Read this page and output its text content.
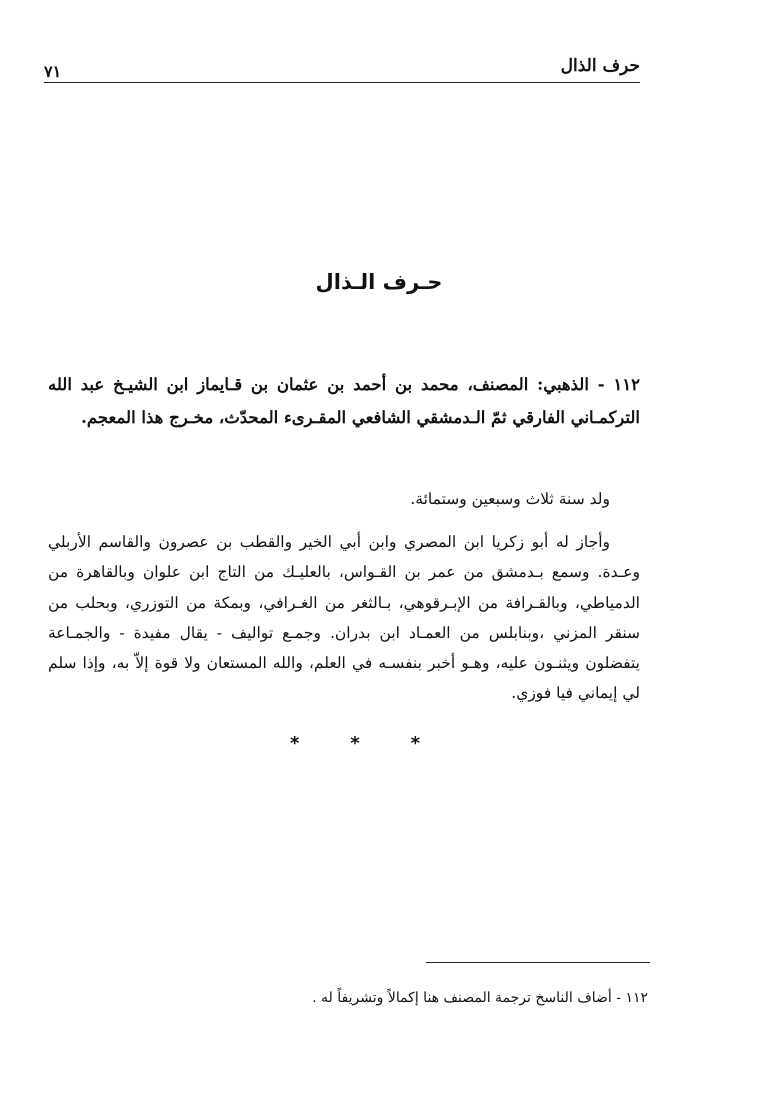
حرف الذال
٧١
حـرف الـذال

١١٢ - الذهبي: المصنف، محمد بن أحمد بن عثمان بن قـايماز ابن الشيـخ عبد الله التركمـاني الفارقي ثمّ الـدمشقي الشافعي المقـرىء المحدّث، مخـرج هذا المعجم.

ولد سنة ثلاث وسبعين وستمائة.

وأجاز له أبو زكريا ابن المصري وابن أبي الخير والقطب بن عصرون والقاسم الأربلي وعـدة. وسمع بـدمشق من عمر بن القـواس، بالعليـك من التاج ابن علوان وبالقاهرة من الدمياطي، وبالقـرافة من الإبـرقوهي، بـالثغر من الغـرافي، وبمكة من التوزري، وبحلب من سنقر المزني ،وبنابلس من العمـاد ابن بدران. وجمـع تواليف - يقال مفيدة - والجمـاعة يتفضلون ويثنـون عليه، وهـو أخبر بنفسـه في العلم، والله المستعان ولا قوة إلاّ به، وإذا سلم لي إيماني فيا فوزي.

*
*
*
١١٢ - أضاف الناسخ ترجمة المصنف هنا إكمالاً وتشريفاً له .
